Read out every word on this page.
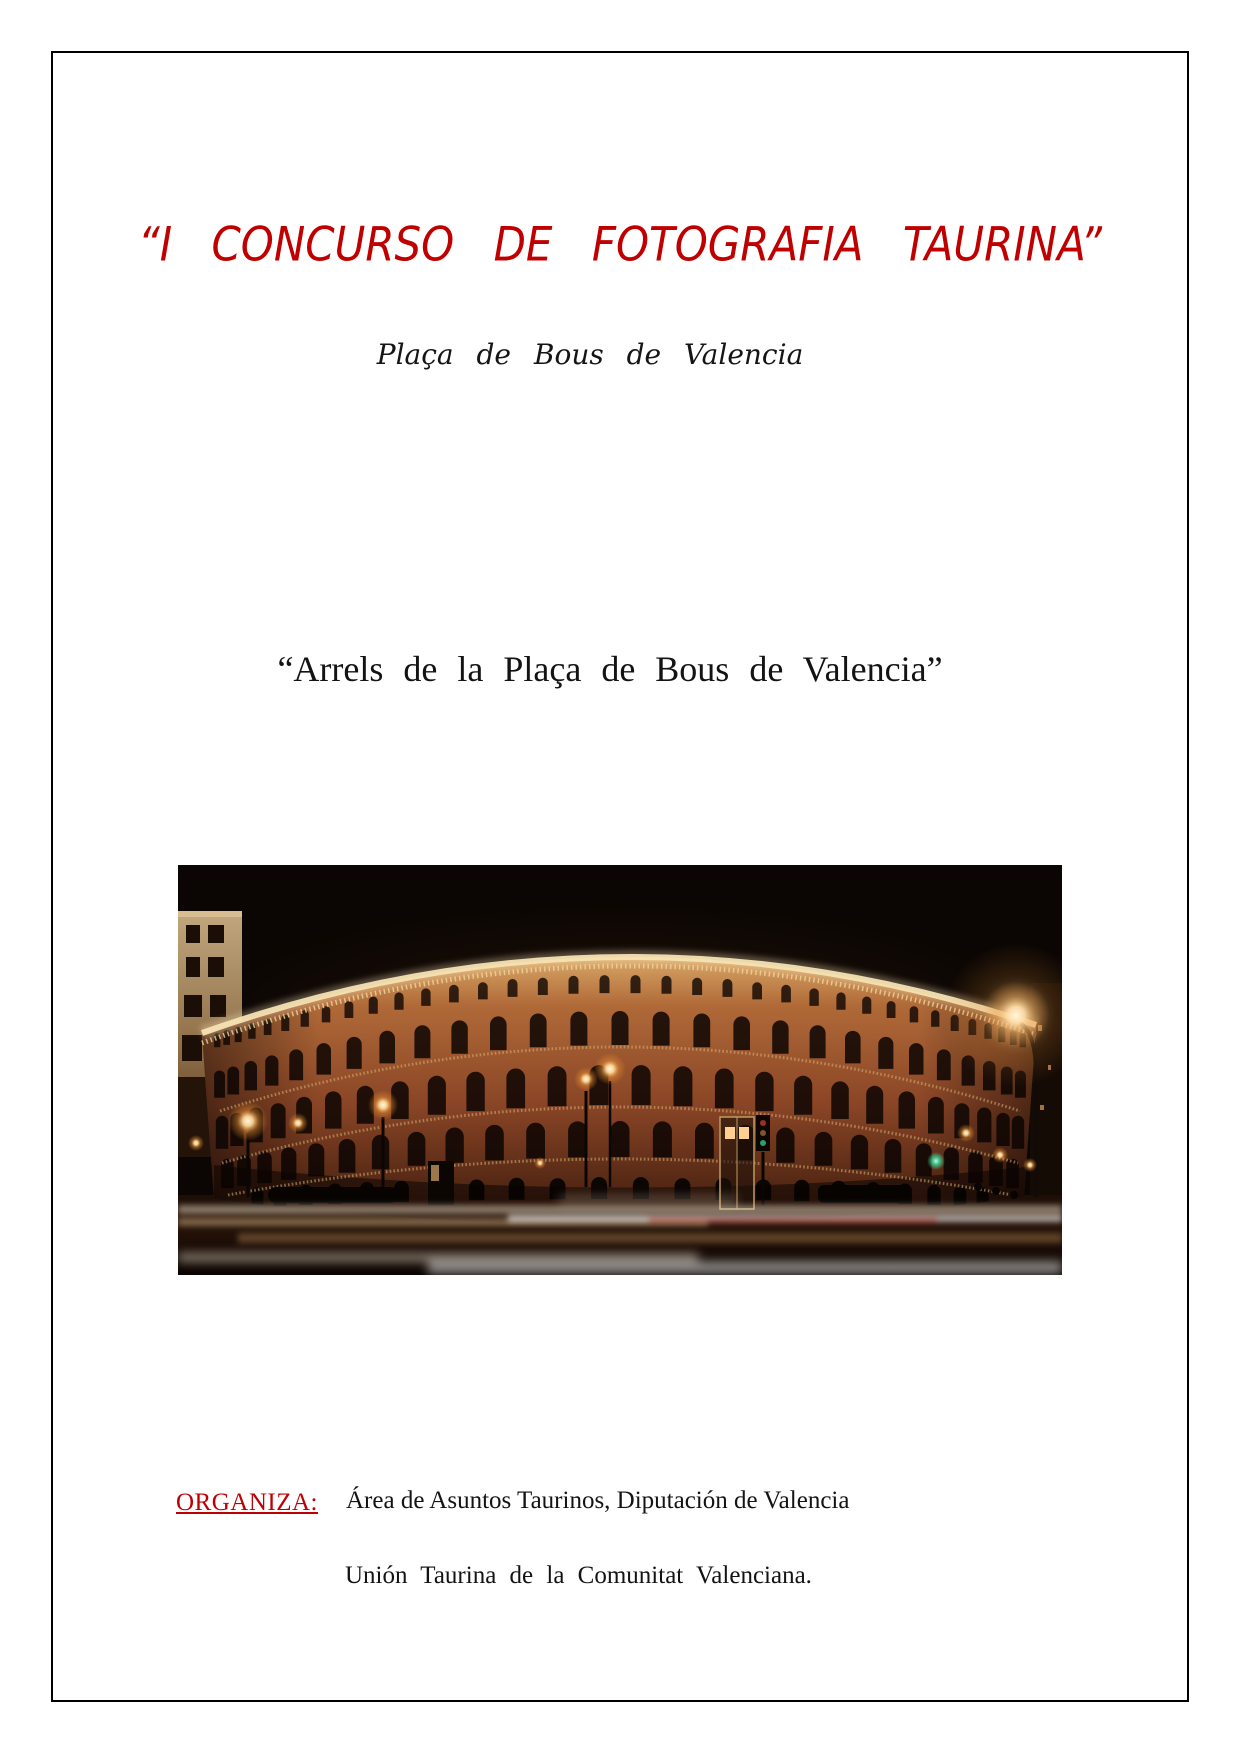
“I CONCURSO DE FOTOGRAFIA TAURINA”
Plaça de Bous de Valencia
“Arrels de la Plaça de Bous de Valencia”
ORGANIZA: Área de Asuntos Taurinos, Diputación de Valencia
Unión Taurina de la Comunitat Valenciana.
